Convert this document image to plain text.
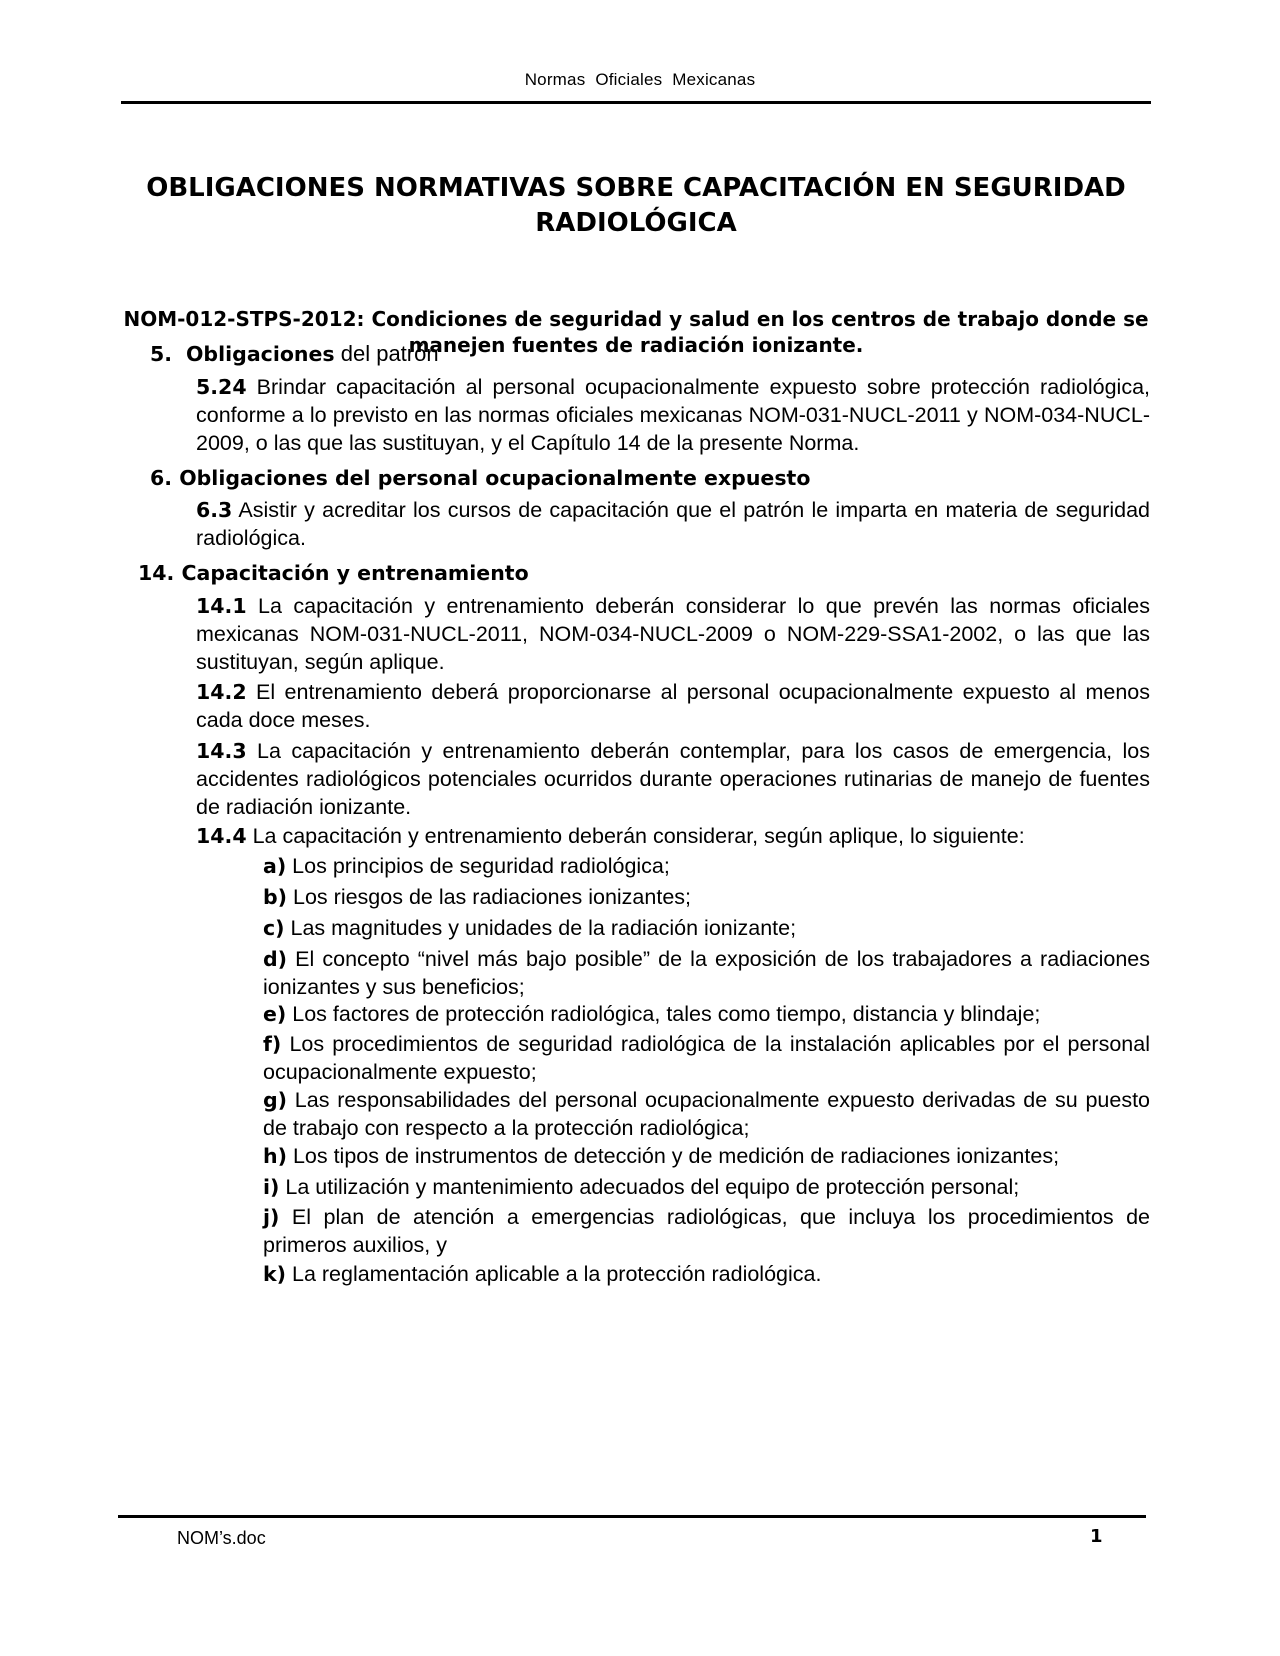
Normas Oficiales Mexicanas
OBLIGACIONES NORMATIVAS SOBRE CAPACITACIÓN EN SEGURIDAD RADIOLÓGICA
NOM-012-STPS-2012: Condiciones de seguridad y salud en los centros de trabajo donde se manejen fuentes de radiación ionizante.
5. Obligaciones del patrón
5.24 Brindar capacitación al personal ocupacionalmente expuesto sobre protección radiológica, conforme a lo previsto en las normas oficiales mexicanas NOM-031-NUCL-2011 y NOM-034-NUCL-2009, o las que las sustituyan, y el Capítulo 14 de la presente Norma.
6. Obligaciones del personal ocupacionalmente expuesto
6.3 Asistir y acreditar los cursos de capacitación que el patrón le imparta en materia de seguridad radiológica.
14. Capacitación y entrenamiento
14.1 La capacitación y entrenamiento deberán considerar lo que prevén las normas oficiales mexicanas NOM-031-NUCL-2011, NOM-034-NUCL-2009 o NOM-229-SSA1-2002, o las que las sustituyan, según aplique.
14.2 El entrenamiento deberá proporcionarse al personal ocupacionalmente expuesto al menos cada doce meses.
14.3 La capacitación y entrenamiento deberán contemplar, para los casos de emergencia, los accidentes radiológicos potenciales ocurridos durante operaciones rutinarias de manejo de fuentes de radiación ionizante.
14.4 La capacitación y entrenamiento deberán considerar, según aplique, lo siguiente:
a) Los principios de seguridad radiológica;
b) Los riesgos de las radiaciones ionizantes;
c) Las magnitudes y unidades de la radiación ionizante;
d) El concepto “nivel más bajo posible” de la exposición de los trabajadores a radiaciones ionizantes y sus beneficios;
e) Los factores de protección radiológica, tales como tiempo, distancia y blindaje;
f) Los procedimientos de seguridad radiológica de la instalación aplicables por el personal ocupacionalmente expuesto;
g) Las responsabilidades del personal ocupacionalmente expuesto derivadas de su puesto de trabajo con respecto a la protección radiológica;
h) Los tipos de instrumentos de detección y de medición de radiaciones ionizantes;
i) La utilización y mantenimiento adecuados del equipo de protección personal;
j) El plan de atención a emergencias radiológicas, que incluya los procedimientos de primeros auxilios, y
k) La reglamentación aplicable a la protección radiológica.
NOM’s.doc	1
